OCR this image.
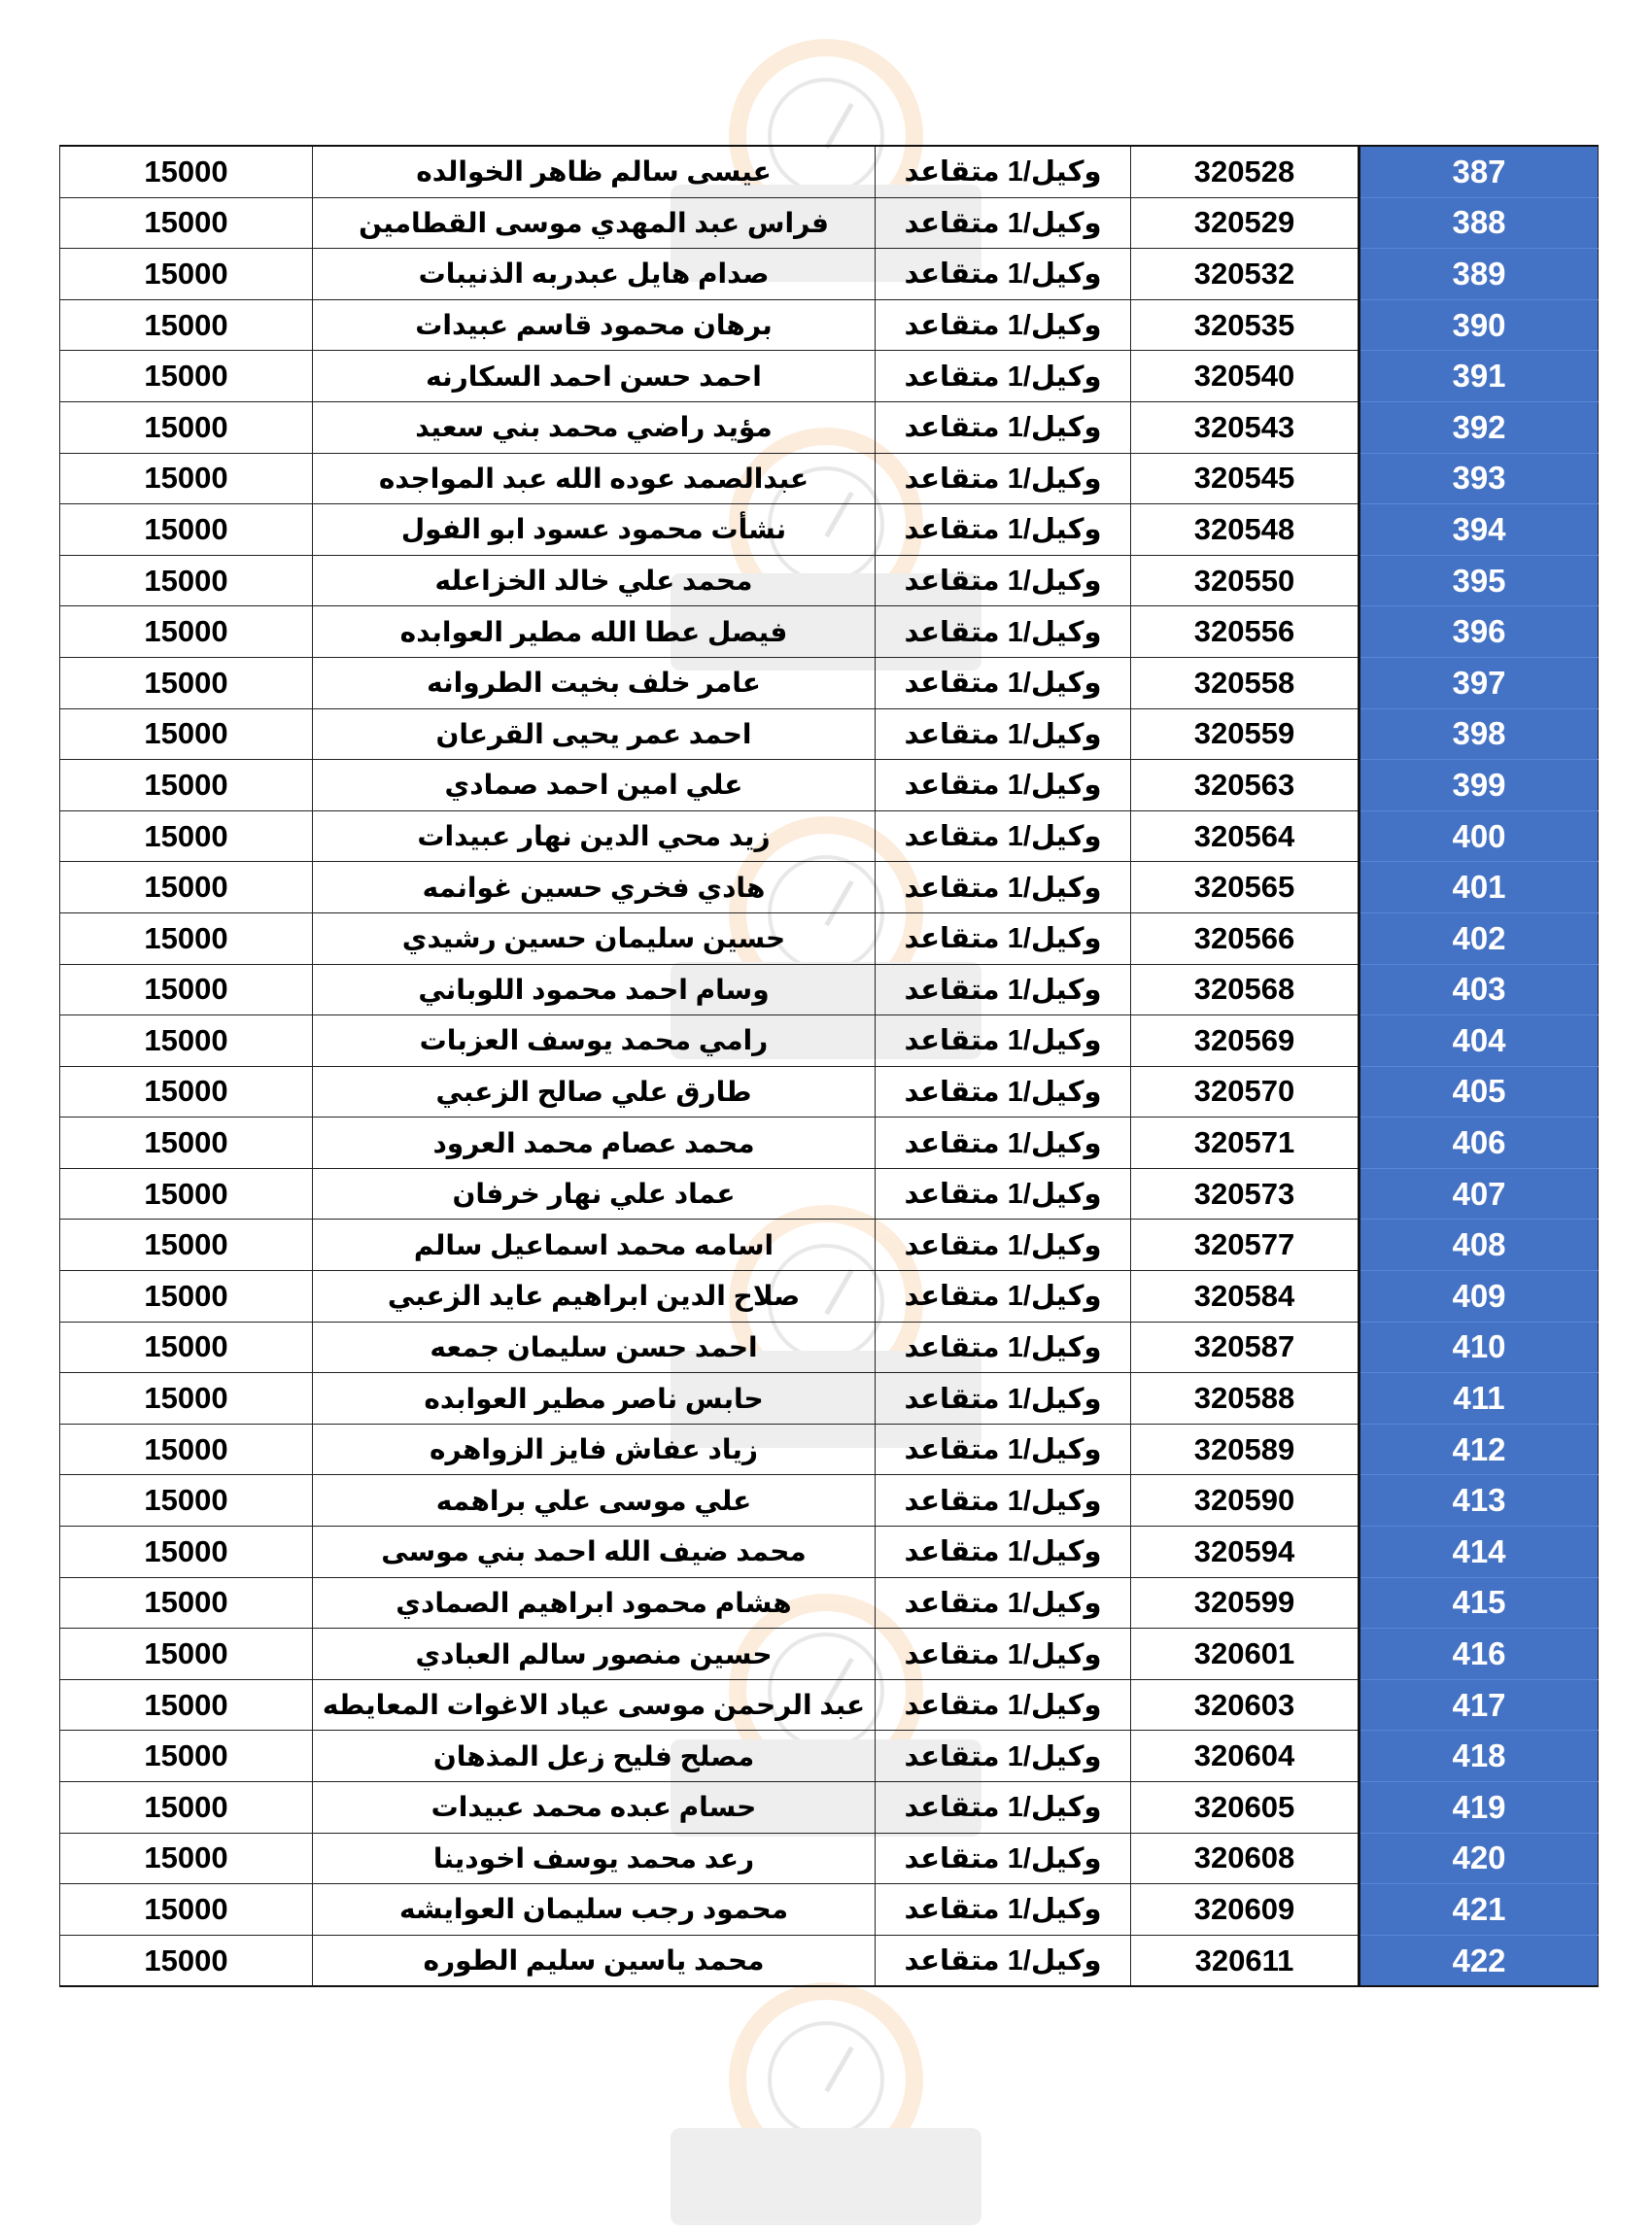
387	320528	وكيل/1 متقاعد	عيسى سالم ظاهر الخوالده	15000
388	320529	وكيل/1 متقاعد	فراس عبد المهدي موسى القطامين	15000
389	320532	وكيل/1 متقاعد	صدام هايل عبدربه الذنيبات	15000
390	320535	وكيل/1 متقاعد	برهان محمود قاسم عبيدات	15000
391	320540	وكيل/1 متقاعد	احمد حسن احمد السكارنه	15000
392	320543	وكيل/1 متقاعد	مؤيد راضي محمد بني سعيد	15000
393	320545	وكيل/1 متقاعد	عبدالصمد عوده الله عبد المواجده	15000
394	320548	وكيل/1 متقاعد	نشأت محمود عسود ابو الفول	15000
395	320550	وكيل/1 متقاعد	محمد علي خالد الخزاعله	15000
396	320556	وكيل/1 متقاعد	فيصل عطا الله مطير العوابده	15000
397	320558	وكيل/1 متقاعد	عامر خلف بخيت الطروانه	15000
398	320559	وكيل/1 متقاعد	احمد عمر يحيى القرعان	15000
399	320563	وكيل/1 متقاعد	علي امين احمد صمادي	15000
400	320564	وكيل/1 متقاعد	زيد محي الدين نهار عبيدات	15000
401	320565	وكيل/1 متقاعد	هادي فخري حسين غوانمه	15000
402	320566	وكيل/1 متقاعد	حسين سليمان حسين رشيدي	15000
403	320568	وكيل/1 متقاعد	وسام احمد محمود اللوباني	15000
404	320569	وكيل/1 متقاعد	رامي محمد يوسف العزبات	15000
405	320570	وكيل/1 متقاعد	طارق علي صالح الزعبي	15000
406	320571	وكيل/1 متقاعد	محمد عصام محمد العرود	15000
407	320573	وكيل/1 متقاعد	عماد علي نهار خرفان	15000
408	320577	وكيل/1 متقاعد	اسامه محمد اسماعيل سالم	15000
409	320584	وكيل/1 متقاعد	صلاح الدين ابراهيم عايد الزعبي	15000
410	320587	وكيل/1 متقاعد	احمد حسن سليمان جمعه	15000
411	320588	وكيل/1 متقاعد	حابس ناصر مطير العوابده	15000
412	320589	وكيل/1 متقاعد	زياد عفاش فايز الزواهره	15000
413	320590	وكيل/1 متقاعد	علي موسى علي براهمه	15000
414	320594	وكيل/1 متقاعد	محمد ضيف الله احمد بني موسى	15000
415	320599	وكيل/1 متقاعد	هشام محمود ابراهيم الصمادي	15000
416	320601	وكيل/1 متقاعد	حسين منصور سالم العبادي	15000
417	320603	وكيل/1 متقاعد	عبد الرحمن موسى عياد الاغوات المعايطه	15000
418	320604	وكيل/1 متقاعد	مصلح فليح زعل المذهان	15000
419	320605	وكيل/1 متقاعد	حسام عبده محمد عبيدات	15000
420	320608	وكيل/1 متقاعد	رعد محمد يوسف اخودينا	15000
421	320609	وكيل/1 متقاعد	محمود رجب سليمان العوايشه	15000
422	320611	وكيل/1 متقاعد	محمد ياسين سليم الطوره	15000
